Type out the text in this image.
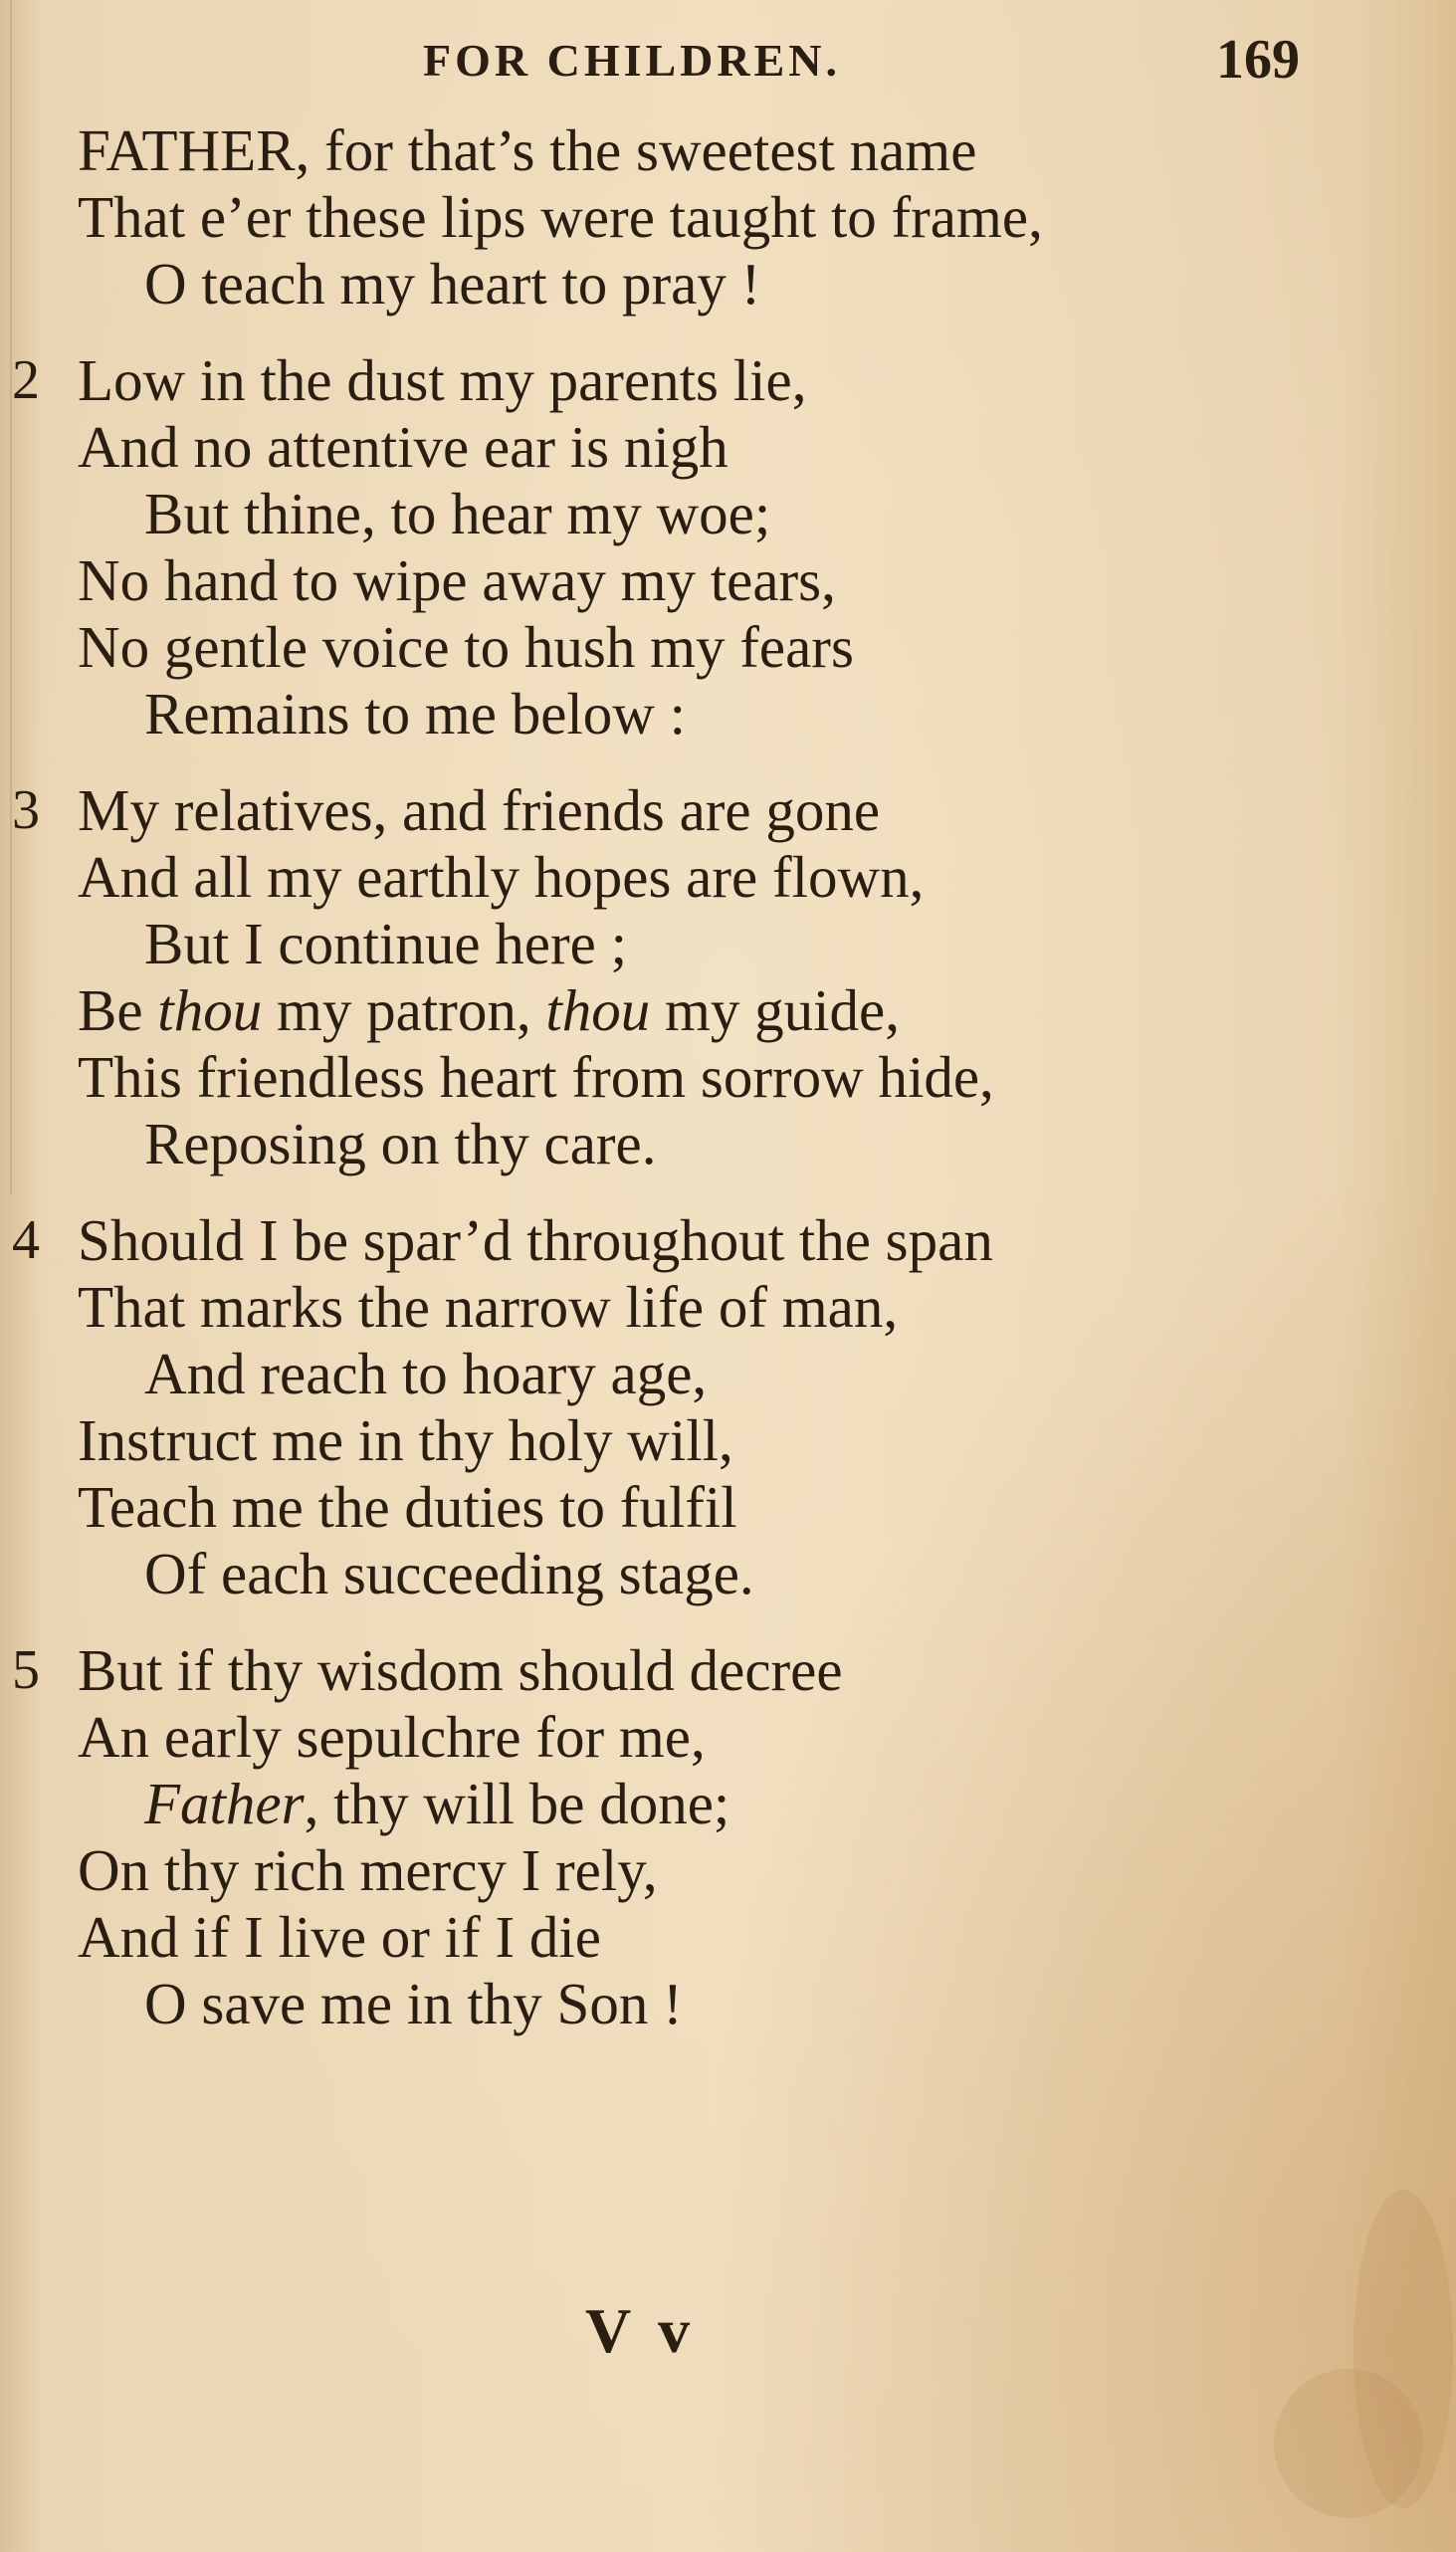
FOR CHILDREN.	169
FATHER, for that’s the sweetest name
That e’er these lips were taught to frame,
O teach my heart to pray !
2 Low in the dust my parents lie,
And no attentive ear is nigh
But thine, to hear my woe;
No hand to wipe away my tears,
No gentle voice to hush my fears
Remains to me below :
3 My relatives, and friends are gone
And all my earthly hopes are flown,
But I continue here ;
Be thou my patron, thou my guide,
This friendless heart from sorrow hide,
Reposing on thy care.
4 Should I be spar’d throughout the span
That marks the narrow life of man,
And reach to hoary age,
Instruct me in thy holy will,
Teach me the duties to fulfil
Of each succeeding stage.
5 But if thy wisdom should decree
An early sepulchre for me,
Father, thy will be done;
On thy rich mercy I rely,
And if I live or if I die
O save me in thy Son !
V v
